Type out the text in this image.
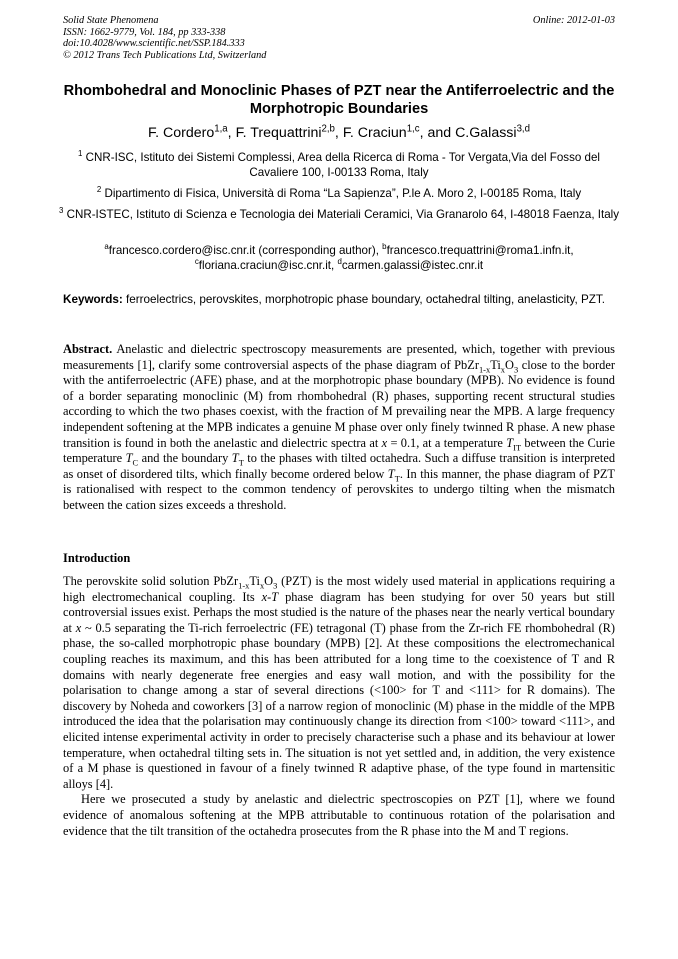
Solid State Phenomena
ISSN: 1662-9779, Vol. 184, pp 333-338
doi:10.4028/www.scientific.net/SSP.184.333
© 2012 Trans Tech Publications Ltd, Switzerland
Online: 2012-01-03
Rhombohedral and Monoclinic Phases of PZT near the Antiferroelectric and the Morphotropic Boundaries
F. Cordero$^{1,a}$, F. Trequattrini$^{2,b}$, F. Craciun$^{1,c}$, and C.Galassi$^{3,d}$
$^1$ CNR-ISC, Istituto dei Sistemi Complessi, Area della Ricerca di Roma - Tor Vergata,Via del Fosso del Cavaliere 100, I-00133 Roma, Italy
$^2$ Dipartimento di Fisica, Università di Roma “La Sapienza”, P.le A. Moro 2, I-00185 Roma, Italy
$^3$ CNR-ISTEC, Istituto di Scienza e Tecnologia dei Materiali Ceramici, Via Granarolo 64, I-48018 Faenza, Italy
$^a$francesco.cordero@isc.cnr.it (corresponding author), $^b$francesco.trequattrini@roma1.infn.it,
$^c$floriana.craciun@isc.cnr.it, $^d$carmen.galassi@istec.cnr.it
Keywords: ferroelectrics, perovskites, morphotropic phase boundary, octahedral tilting, anelasticity, PZT.
Abstract. Anelastic and dielectric spectroscopy measurements are presented, which, together with previous measurements [1], clarify some controversial aspects of the phase diagram of $PbZr_{1-x}Ti_xO_3$ close to the border with the antiferroelectric (AFE) phase, and at the morphotropic phase boundary (MPB). No evidence is found of a border separating monoclinic (M) from rhombohedral (R) phases, supporting recent structural studies according to which the two phases coexist, with the fraction of M prevailing near the MPB. A large frequency independent softening at the MPB indicates a genuine M phase over only finely twinned R phase. A new phase transition is found in both the anelastic and dielectric spectra at x = 0.1, at a temperature $T_{IT}$ between the Curie temperature $T_C$ and the boundary $T_T$ to the phases with tilted octahedra. Such a diffuse transition is interpreted as onset of disordered tilts, which finally become ordered below $T_T$. In this manner, the phase diagram of PZT is rationalised with respect to the common tendency of perovskites to undergo tilting when the mismatch between the cation sizes exceeds a threshold.
Introduction

The perovskite solid solution $PbZr_{1-x}Ti_xO_3$ (PZT) is the most widely used material in applications requiring a high electromechanical coupling. Its x-T phase diagram has been studying for over 50 years but still controversial issues exist. Perhaps the most studied is the nature of the phases near the nearly vertical boundary at x ~ 0.5 separating the Ti-rich ferroelectric (FE) tetragonal (T) phase from the Zr-rich FE rhombohedral (R) phase, the so-called morphotropic phase boundary (MPB) [2]. At these compositions the electromechanical coupling reaches its maximum, and this has been attributed for a long time to the coexistence of T and R domains with nearly degenerate free energies and easy wall motion, and with the possibility for the polarisation to change among a star of several directions (<100> for T and <111> for R domains). The discovery by Noheda and coworkers [3] of a narrow region of monoclinic (M) phase in the middle of the MPB introduced the idea that the polarisation may continuously change its direction from <100> toward <111>, and elicited intense experimental activity in order to precisely characterise such a phase and its behaviour at lower temperature, when octahedral tilting sets in. The situation is not yet settled and, in addition, the very existence of a M phase is questioned in favour of a finely twinned R adaptive phase, of the type found in martensitic alloys [4].

Here we prosecuted a study by anelastic and dielectric spectroscopies on PZT [1], where we found evidence of anomalous softening at the MPB attributable to continuous rotation of the polarisation and evidence that the tilt transition of the octahedra prosecutes from the R phase into the M and T regions.
